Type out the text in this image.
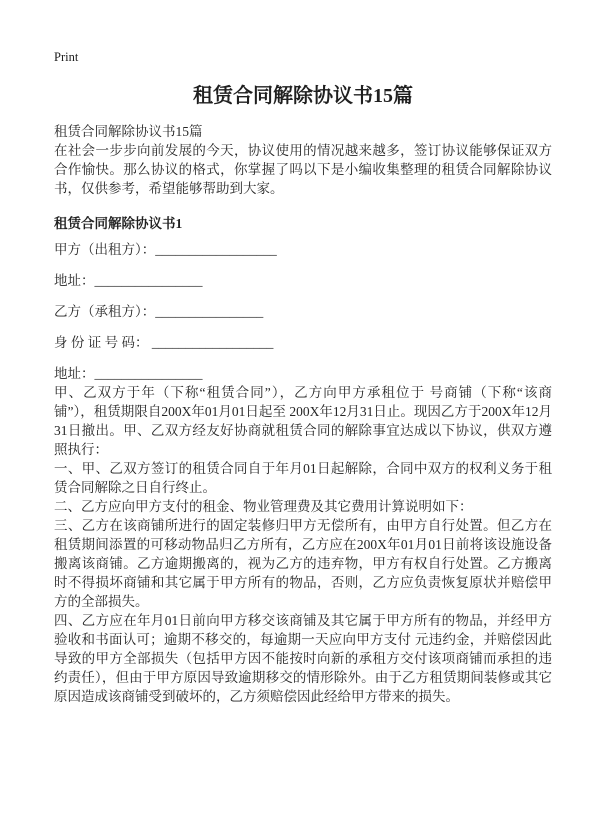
Print
租赁合同解除协议书15篇
租赁合同解除协议书15篇

在社会一步步向前发展的今天，协议使用的情况越来越多，签订协议能够保证双方合作愉快。那么协议的格式，你掌握了吗以下是小编收集整理的租赁合同解除协议书，仅供参考，希望能够帮助到大家。

租赁合同解除协议书1
甲方（出租方）：__________________
地址：________________
乙方（承租方）：________________
身 份 证 号 码： __________________
地址：________________

甲、乙双方于年（下称“租赁合同”），乙方向甲方承租位于 号商铺（下称“该商铺”），租赁期限自200X年01月01日起至 200X年12月31日止。现因乙方于200X年12月31日撤出。甲、乙双方经友好协商就租赁合同的解除事宜达成以下协议，供双方遵照执行：

一、甲、乙双方签订的租赁合同自于年月01日起解除，合同中双方的权利义务于租赁合同解除之日自行终止。

二、乙方应向甲方支付的租金、物业管理费及其它费用计算说明如下：

三、乙方在该商铺所进行的固定装修归甲方无偿所有，由甲方自行处置。但乙方在租赁期间添置的可移动物品归乙方所有，乙方应在200X年01月01日前将该设施设备搬离该商铺。乙方逾期搬离的，视为乙方的违弃物，甲方有权自行处置。乙方搬离时不得损坏商铺和其它属于甲方所有的物品，否则，乙方应负责恢复原状并赔偿甲方的全部损失。

四、乙方应在年月01日前向甲方移交该商铺及其它属于甲方所有的物品，并经甲方验收和书面认可；逾期不移交的，每逾期一天应向甲方支付 元违约金，并赔偿因此导致的甲方全部损失（包括甲方因不能按时向新的承租方交付该项商铺而承担的违约责任），但由于甲方原因导致逾期移交的情形除外。由于乙方租赁期间装修或其它原因造成该商铺受到破坏的，乙方须赔偿因此经给甲方带来的损失。
